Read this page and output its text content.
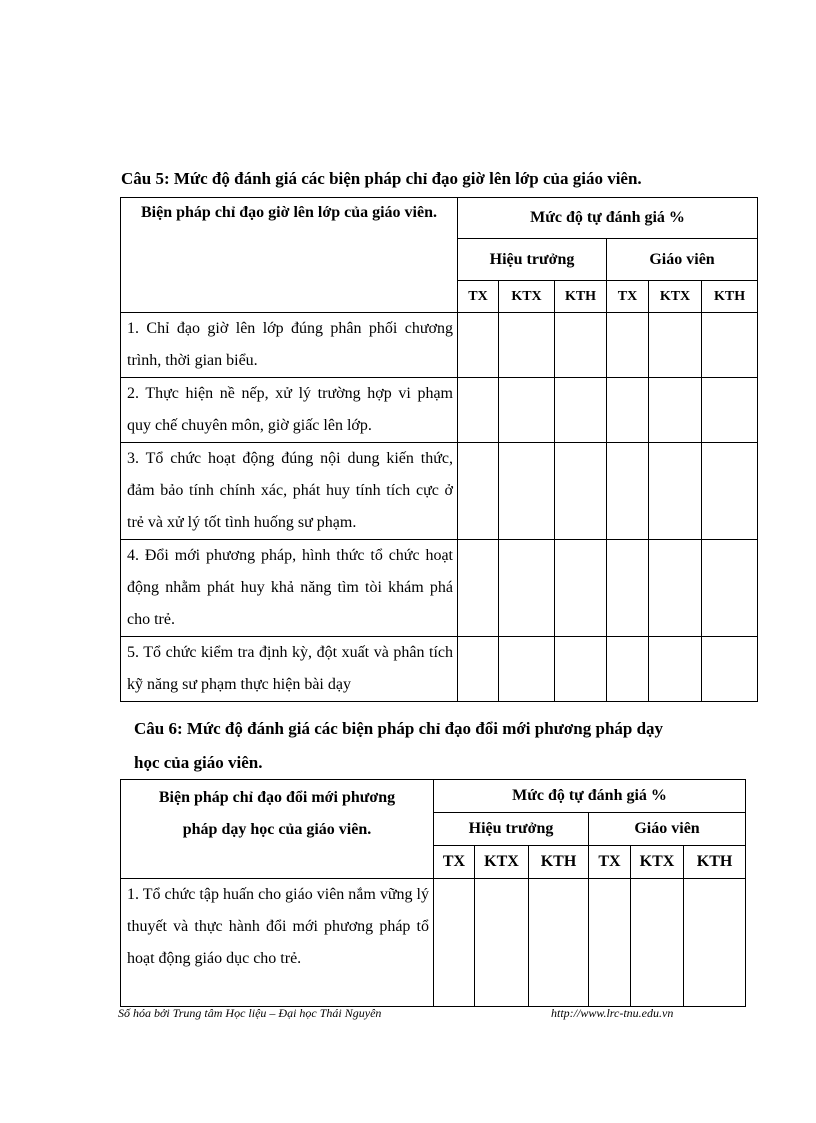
Câu 5: Mức độ đánh giá các biện pháp chỉ đạo giờ lên lớp của giáo viên.
Biện pháp chỉ đạo giờ lên lớp của giáo viên.	Mức độ tự đánh giá %					
	Hiệu trưởng			Giáo viên		
	TX	KTX	KTH	TX	KTX	KTH
1. Chỉ đạo giờ lên lớp đúng phân phối chương trình, thời gian biểu.						
2. Thực hiện nề nếp, xử lý trường hợp vi phạm quy chế chuyên môn, giờ giấc lên lớp.						
3. Tổ chức hoạt động đúng nội dung kiến thức, đảm bảo tính chính xác, phát huy tính tích cực ở trẻ và xử lý tốt tình huống sư phạm.						
4. Đổi mới phương pháp, hình thức tổ chức hoạt động nhằm phát huy khả năng tìm tòi khám phá cho trẻ.						
5. Tổ chức kiểm tra định kỳ, đột xuất và phân tích kỹ năng sư phạm thực hiện bài dạy						
Câu 6: Mức độ đánh giá các biện pháp chỉ đạo đổi mới phương pháp dạy
học của giáo viên.
Biện pháp chỉ đạo đổi mới phương
pháp dạy học của giáo viên.	Mức độ tự đánh giá %					
	Hiệu trưởng			Giáo viên		
	TX	KTX	KTH	TX	KTX	KTH
1. Tổ chức tập huấn cho giáo viên nắm vững lý thuyết và thực hành đổi mới phương pháp tổ hoạt động giáo dục cho trẻ.						
Số hóa bởi Trung tâm Học liệu – Đại học Thái Nguyên	http://www.lrc-tnu.edu.vn
